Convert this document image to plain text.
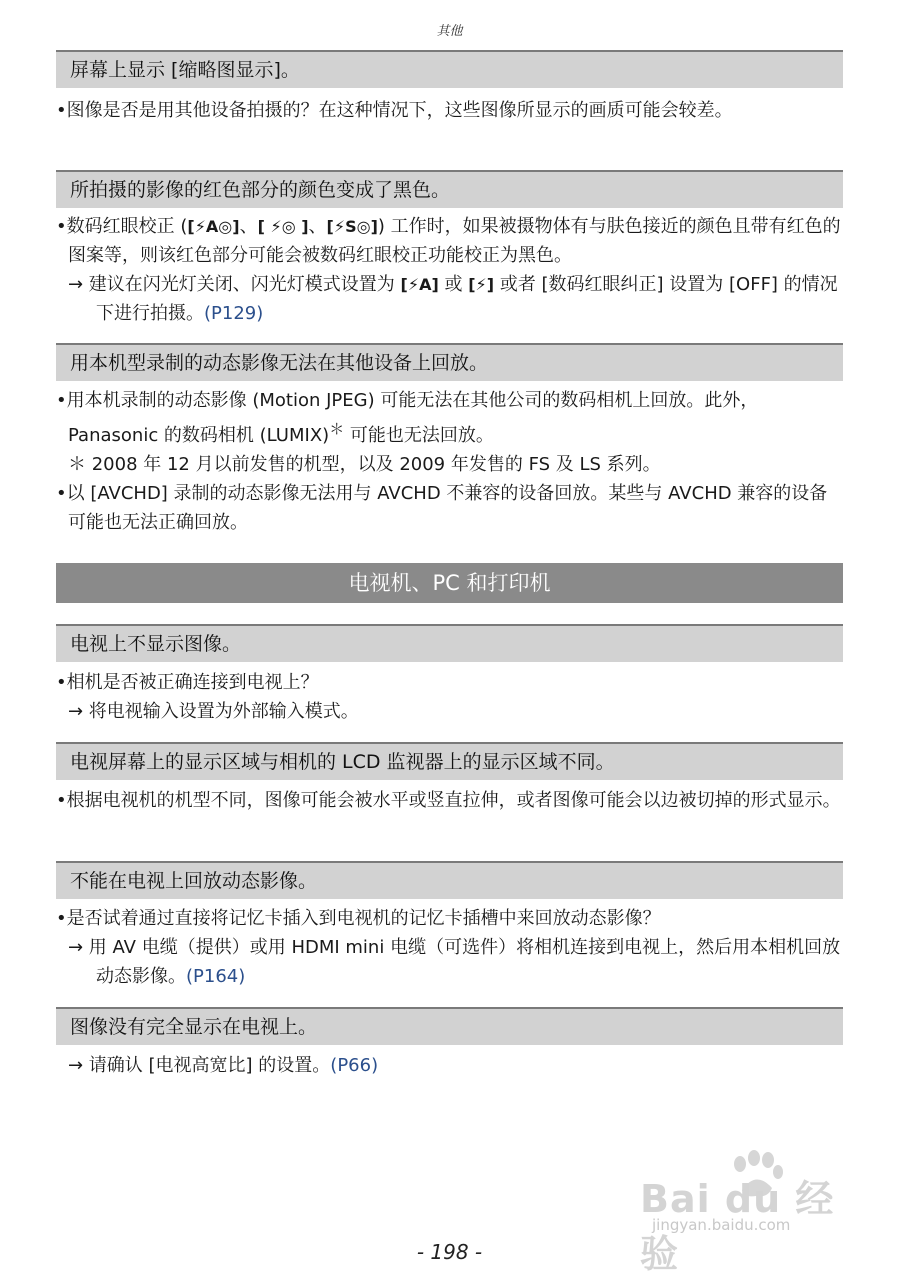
其他
屏幕上显示 [缩略图显示]。

•图像是否是用其他设备拍摄的？在这种情况下，这些图像所显示的画质可能会较差。

所拍摄的影像的红色部分的颜色变成了黑色。

•数码红眼校正 ([⚡A◎]、[ ⚡◎ ]、[⚡S◎]) 工作时，如果被摄物体有与肤色接近的颜色且带有红色的图案等，则该红色部分可能会被数码红眼校正功能校正为黑色。

→ 建议在闪光灯关闭、闪光灯模式设置为 [⚡A] 或 [⚡] 或者 [数码红眼纠正] 设置为 [OFF] 的情况下进行拍摄。(P129)

用本机型录制的动态影像无法在其他设备上回放。

•用本机录制的动态影像 (Motion JPEG) 可能无法在其他公司的数码相机上回放。此外，Panasonic 的数码相机 (LUMIX)＊ 可能也无法回放。

＊ 2008 年 12 月以前发售的机型，以及 2009 年发售的 FS 及 LS 系列。

•以 [AVCHD] 录制的动态影像无法用与 AVCHD 不兼容的设备回放。某些与 AVCHD 兼容的设备可能也无法正确回放。

电视机、PC 和打印机
电视上不显示图像。

•相机是否被正确连接到电视上？

→ 将电视输入设置为外部输入模式。

电视屏幕上的显示区域与相机的 LCD 监视器上的显示区域不同。

•根据电视机的机型不同，图像可能会被水平或竖直拉伸，或者图像可能会以边被切掉的形式显示。

不能在电视上回放动态影像。

•是否试着通过直接将记忆卡插入到电视机的记忆卡插槽中来回放动态影像？

→ 用 AV 电缆（提供）或用 HDMI mini 电缆（可选件）将相机连接到电视上，然后用本相机回放动态影像。(P164)

图像没有完全显示在电视上。

→ 请确认 [电视高宽比] 的设置。(P66)

Bai du 经验
jingyan.baidu.com
- 198 -
